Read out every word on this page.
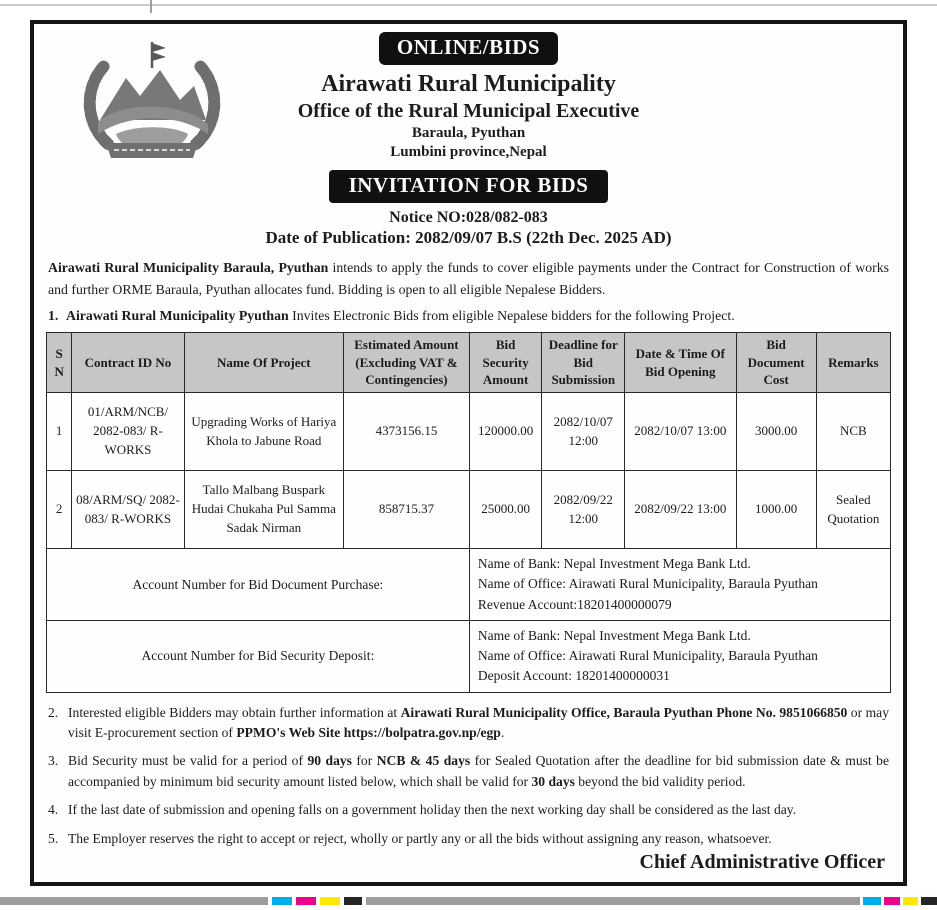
ONLINE/BIDS
Airawati Rural Municipality
Office of the Rural Municipal Executive
Baraula, Pyuthan
Lumbini province,Nepal
INVITATION FOR BIDS
Notice NO:028/082-083
Date of Publication: 2082/09/07 B.S (22th Dec. 2025 AD)
Airawati Rural Municipality Baraula, Pyuthan intends to apply the funds to cover eligible payments under the Contract for Construction of works and further ORME Baraula, Pyuthan allocates fund. Bidding is open to all eligible Nepalese Bidders.
1. Airawati Rural Municipality Pyuthan Invites Electronic Bids from eligible Nepalese bidders for the following Project.
S N	Contract ID No	Name Of Project	Estimated Amount (Excluding VAT & Contingencies)	Bid Security Amount	Deadline for Bid Submission	Date & Time Of Bid Opening	Bid Document Cost	Remarks
1	01/ARM/NCB/ 2082-083/ R-WORKS	Upgrading Works of Hariya Khola to Jabune Road	4373156.15	120000.00	2082/10/07 12:00	2082/10/07 13:00	3000.00	NCB
2	08/ARM/SQ/ 2082-083/ R-WORKS	Tallo Malbang Buspark Hudai Chukaha Pul Samma Sadak Nirman	858715.37	25000.00	2082/09/22 12:00	2082/09/22 13:00	1000.00	Sealed Quotation
Account Number for Bid Document Purchase:				Name of Bank: Nepal Investment Mega Bank Ltd.
Name of Office: Airawati Rural Municipality, Baraula Pyuthan
Revenue Account:18201400000079				

Account Number for Bid Security Deposit:				Name of Bank: Nepal Investment Mega Bank Ltd.
Name of Office: Airawati Rural Municipality, Baraula Pyuthan
Deposit Account: 18201400000031				
2. Interested eligible Bidders may obtain further information at Airawati Rural Municipality Office, Baraula Pyuthan Phone No. 9851066850 or may visit E-procurement section of PPMO's Web Site https://bolpatra.gov.np/egp.
3. Bid Security must be valid for a period of 90 days for NCB & 45 days for Sealed Quotation after the deadline for bid submission date & must be accompanied by minimum bid security amount listed below, which shall be valid for 30 days beyond the bid validity period.
4. If the last date of submission and opening falls on a government holiday then the next working day shall be considered as the last day.
5. The Employer reserves the right to accept or reject, wholly or partly any or all the bids without assigning any reason, whatsoever.
Chief Administrative Officer
